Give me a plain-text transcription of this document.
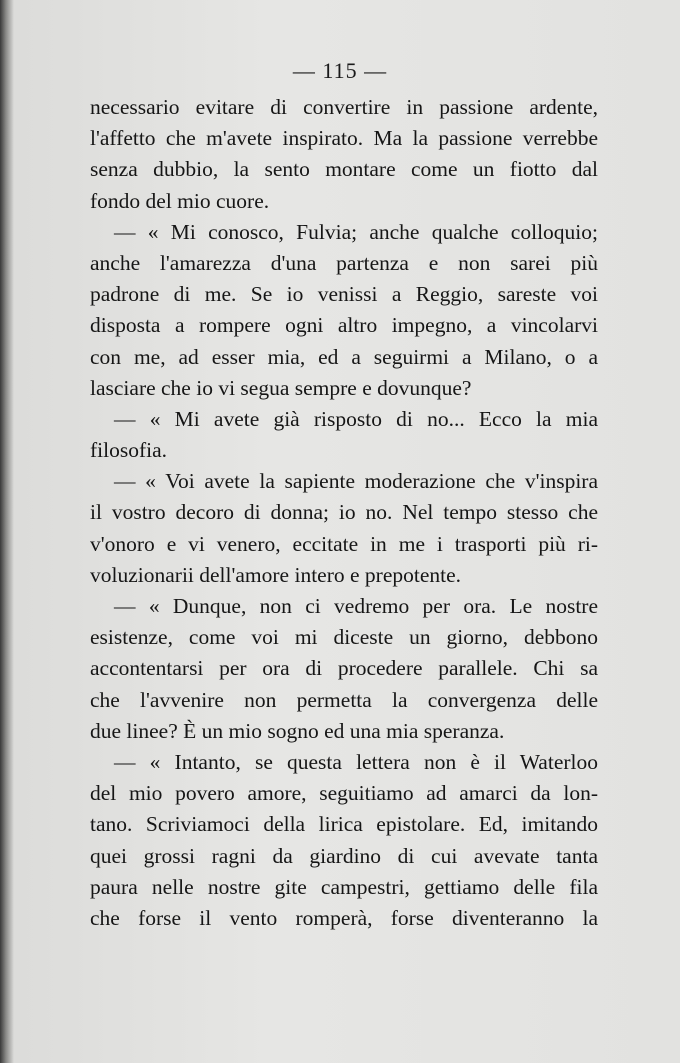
— 115 —
necessario evitare di convertire in passione ardente,
l'affetto che m'avete inspirato. Ma la passione verrebbe
senza dubbio, la sento montare come un fiotto dal
fondo del mio cuore.
— « Mi conosco, Fulvia; anche qualche colloquio;
anche l'amarezza d'una partenza e non sarei più
padrone di me. Se io venissi a Reggio, sareste voi
disposta a rompere ogni altro impegno, a vincolarvi
con me, ad esser mia, ed a seguirmi a Milano, o a
lasciare che io vi segua sempre e dovunque?
— « Mi avete già risposto di no... Ecco la mia
filosofia.
— « Voi avete la sapiente moderazione che v'inspira
il vostro decoro di donna; io no. Nel tempo stesso che
v'onoro e vi venero, eccitate in me i trasporti più ri-
voluzionarii dell'amore intero e prepotente.
— « Dunque, non ci vedremo per ora. Le nostre
esistenze, come voi mi diceste un giorno, debbono
accontentarsi per ora di procedere parallele. Chi sa
che l'avvenire non permetta la convergenza delle
due linee? È un mio sogno ed una mia speranza.
— « Intanto, se questa lettera non è il Waterloo
del mio povero amore, seguitiamo ad amarci da lon-
tano. Scriviamoci della lirica epistolare. Ed, imitando
quei grossi ragni da giardino di cui avevate tanta
paura nelle nostre gite campestri, gettiamo delle fila
che forse il vento romperà, forse diventeranno la
